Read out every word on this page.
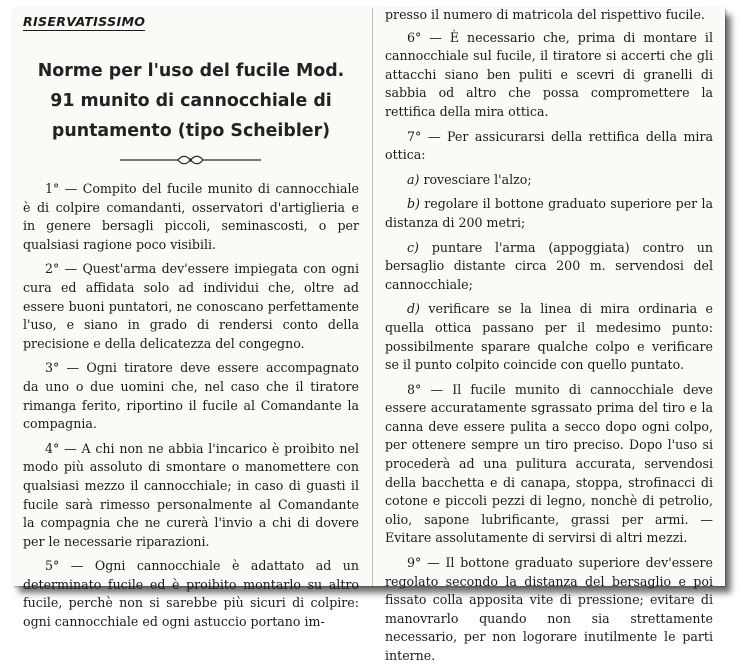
RISERVATISSIMO
Norme per l'uso del fucile Mod. 91 munito di cannocchiale di puntamento (tipo Scheibler)

1° — Compito del fucile munito di cannocchiale è di colpire comandanti, osservatori d'artiglieria e in genere bersagli piccoli, seminascosti, o per qualsiasi ragione poco visibili.

2° — Quest'arma dev'essere impiegata con ogni cura ed affidata solo ad individui che, oltre ad essere buoni puntatori, ne conoscano perfettamente l'uso, e siano in grado di rendersi conto della precisione e della delicatezza del congegno.

3° — Ogni tiratore deve essere accompagnato da uno o due uomini che, nel caso che il tiratore rimanga ferito, riportino il fucile al Comandante la compagnia.

4° — A chi non ne abbia l'incarico è proibito nel modo più assoluto di smontare o manomettere con qualsiasi mezzo il cannocchiale; in caso di guasti il fucile sarà rimesso personalmente al Comandante la compagnia che ne curerà l'invio a chi di dovere per le necessarie riparazioni.

5° — Ogni cannocchiale è adattato ad un determinato fucile ed è proibito montarlo su altro fucile, perchè non si sarebbe più sicuri di colpire: ogni cannocchiale ed ogni astuccio portano im-

presso il numero di matricola del rispettivo fucile.

6° — È necessario che, prima di montare il cannocchiale sul fucile, il tiratore si accerti che gli attacchi siano ben puliti e scevri di granelli di sabbia od altro che possa compromettere la rettifica della mira ottica.

7° — Per assicurarsi della rettifica della mira ottica:

a) rovesciare l'alzo;

b) regolare il bottone graduato superiore per la distanza di 200 metri;

c) puntare l'arma (appoggiata) contro un bersaglio distante circa 200 m. servendosi del cannocchiale;

d) verificare se la linea di mira ordinaria e quella ottica passano per il medesimo punto: possibilmente sparare qualche colpo e verificare se il punto colpito coincide con quello puntato.

8° — Il fucile munito di cannocchiale deve essere accuratamente sgrassato prima del tiro e la canna deve essere pulita a secco dopo ogni colpo, per ottenere sempre un tiro preciso. Dopo l'uso si procederà ad una pulitura accurata, servendosi della bacchetta e di canapa, stoppa, strofinacci di cotone e piccoli pezzi di legno, nonchè di petrolio, olio, sapone lubrificante, grassi per armi. — Evitare assolutamente di servirsi di altri mezzi.

9° — Il bottone graduato superiore dev'essere regolato secondo la distanza del bersaglio e poi fissato colla apposita vite di pressione; evitare di manovrarlo quando non sia strettamente necessario, per non logorare inutilmente le parti interne.
